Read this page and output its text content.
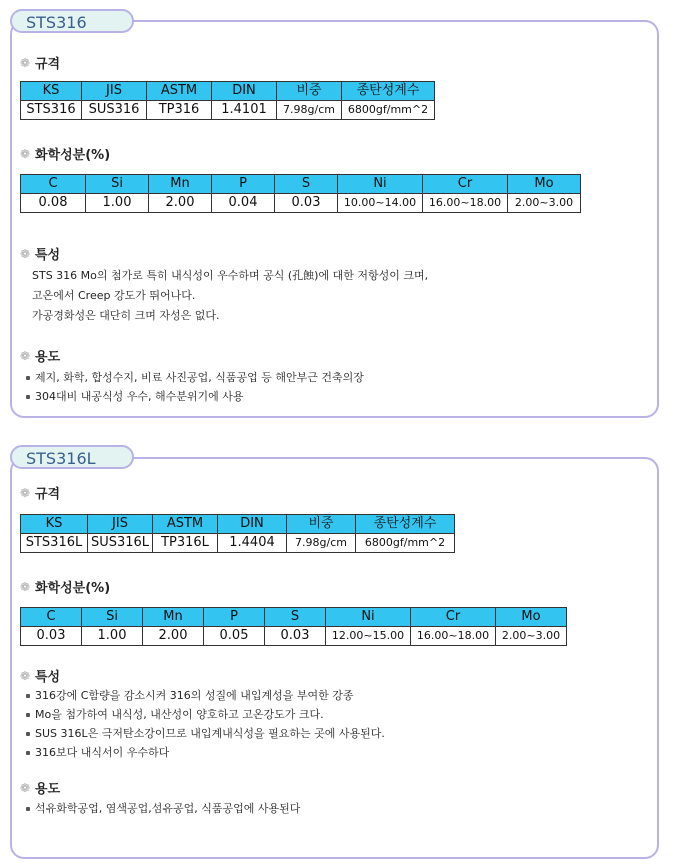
STS316
❁ 규격
KS	JIS	ASTM	DIN	비중	종탄성계수
STS316	SUS316	TP316	1.4101	7.98g/cm	6800gf/mm^2
❁ 화학성분(%)
C	Si	Mn	P	S	Ni	Cr	Mo
0.08	1.00	2.00	0.04	0.03	10.00~14.00	16.00~18.00	2.00~3.00
❁ 특성
STS 316 Mo의 첨가로 특히 내식성이 우수하며 공식 (孔蝕)에 대한 저항성이 크며,
고온에서 Creep 강도가 뛰어나다.
가공경화성은 대단히 크며 자성은 없다.
❁ 용도
제지, 화학, 합성수지, 비료 사진공업, 식품공업 등 해안부근 건축의장
304대비 내공식성 우수, 해수분위기에 사용
STS316L
❁ 규격
KS	JIS	ASTM	DIN	비중	종탄성계수
STS316L	SUS316L	TP316L	1.4404	7.98g/cm	6800gf/mm^2
❁ 화학성분(%)
C	Si	Mn	P	S	Ni	Cr	Mo
0.03	1.00	2.00	0.05	0.03	12.00~15.00	16.00~18.00	2.00~3.00
❁ 특성
316강에 C함량을 감소시켜 316의 성질에 내입계성을 부여한 강종
Mo을 첨가하여 내식성, 내산성이 양호하고 고온강도가 크다.
SUS 316L은 극저탄소강이므로 내입계내식성을 필요하는 곳에 사용된다.
316보다 내식서이 우수하다
❁ 용도
석유화학공업, 염색공업,섬유공업, 식품공업에 사용된다
